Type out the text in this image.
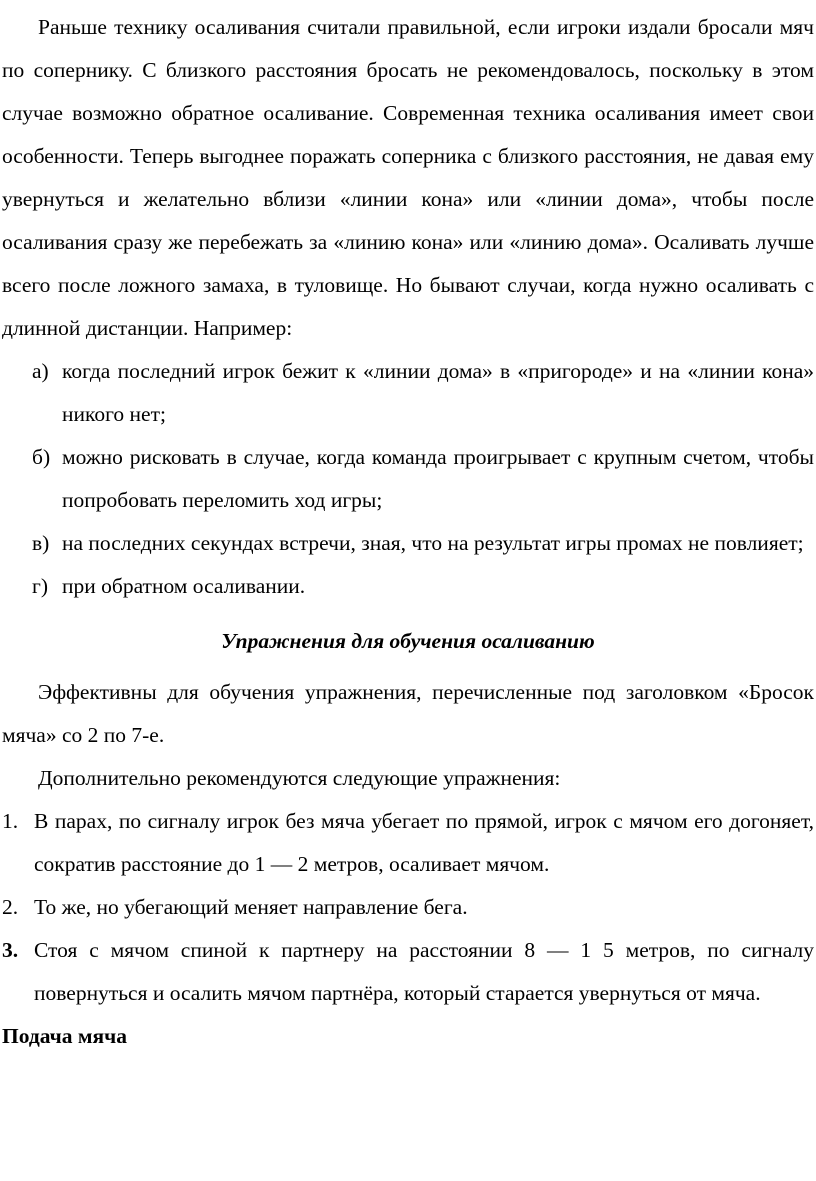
Раньше технику осаливания считали правильной, если игроки издали бросали мяч по сопернику. С близкого расстояния бросать не рекомендовалось, поскольку в этом случае возможно обратное осаливание. Современная техника осаливания имеет свои особенности. Теперь выгоднее поражать соперника с близкого расстояния, не давая ему увернуться и желательно вблизи «линии кона» или «линии дома», чтобы после осаливания сразу же перебежать за «линию кона» или «линию дома». Осаливать лучше всего после ложного замаха, в туловище. Но бывают случаи, когда нужно осаливать с длинной дистанции. Например:

а) когда последний игрок бежит к «линии дома» в «пригороде» и на «линии кона» никого нет;
б) можно рисковать в случае, когда команда проигрывает с крупным счетом, чтобы попробовать переломить ход игры;
в) на последних секундах встречи, зная, что на результат игры промах не повлияет;
г) при обратном осаливании.

Упражнения для обучения осаливанию

Эффективны для обучения упражнения, перечисленные под заголовком «Бросок мяча» со 2 по 7-е.

Дополнительно рекомендуются следующие упражнения:

1. В парах, по сигналу игрок без мяча убегает по прямой, игрок с мячом его догоняет, сократив расстояние до 1 — 2 метров, осаливает мячом.
2. То же, но убегающий меняет направление бега.
3. Стоя с мячом спиной к партнеру на расстоянии 8 — 1 5 метров, по сигналу повернуться и осалить мячом партнёра, который старается увернуться от мяча.

Подача мяча
